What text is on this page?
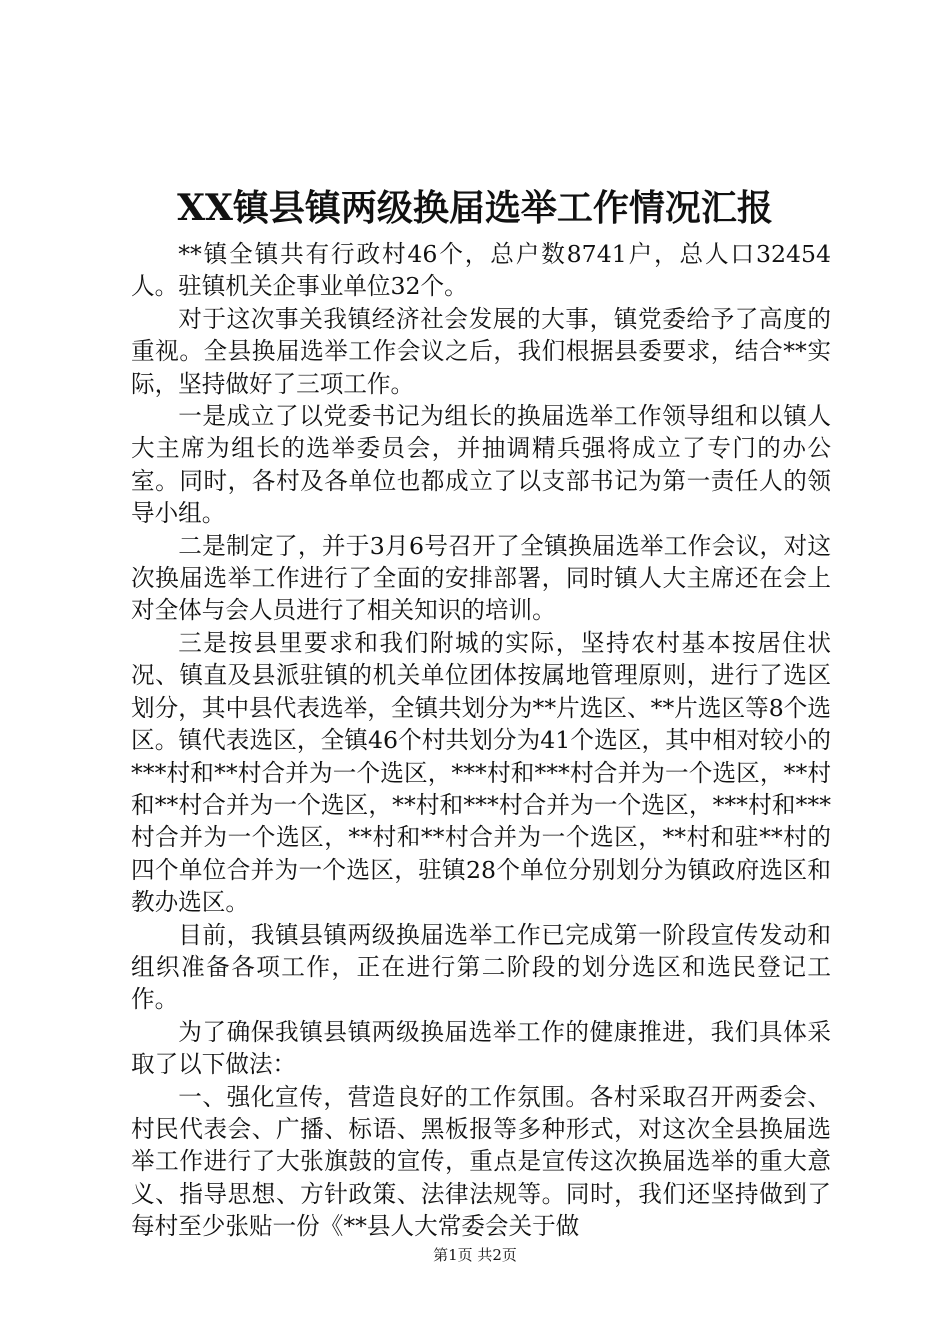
XX镇县镇两级换届选举工作情况汇报

**镇全镇共有行政村46个，总户数8741户，总人口32454人。驻镇机关企事业单位32个。

对于这次事关我镇经济社会发展的大事，镇党委给予了高度的重视。全县换届选举工作会议之后，我们根据县委要求，结合**实际，坚持做好了三项工作。

一是成立了以党委书记为组长的换届选举工作领导组和以镇人大主席为组长的选举委员会，并抽调精兵强将成立了专门的办公室。同时，各村及各单位也都成立了以支部书记为第一责任人的领导小组。

二是制定了，并于3月6号召开了全镇换届选举工作会议，对这次换届选举工作进行了全面的安排部署，同时镇人大主席还在会上对全体与会人员进行了相关知识的培训。

三是按县里要求和我们附城的实际，坚持农村基本按居住状况、镇直及县派驻镇的机关单位团体按属地管理原则，进行了选区划分，其中县代表选举，全镇共划分为**片选区、**片选区等8个选区。镇代表选区，全镇46个村共划分为41个选区，其中相对较小的***村和**村合并为一个选区，***村和***村合并为一个选区，**村和**村合并为一个选区，**村和***村合并为一个选区，***村和***村合并为一个选区，**村和**村合并为一个选区，**村和驻**村的四个单位合并为一个选区，驻镇28个单位分别划分为镇政府选区和教办选区。

目前，我镇县镇两级换届选举工作已完成第一阶段宣传发动和组织准备各项工作，正在进行第二阶段的划分选区和选民登记工作。

为了确保我镇县镇两级换届选举工作的健康推进，我们具体采取了以下做法：

一、强化宣传，营造良好的工作氛围。各村采取召开两委会、村民代表会、广播、标语、黑板报等多种形式，对这次全县换届选举工作进行了大张旗鼓的宣传，重点是宣传这次换届选举的重大意义、指导思想、方针政策、法律法规等。同时，我们还坚持做到了每村至少张贴一份《**县人大常委会关于做

第1页 共2页
